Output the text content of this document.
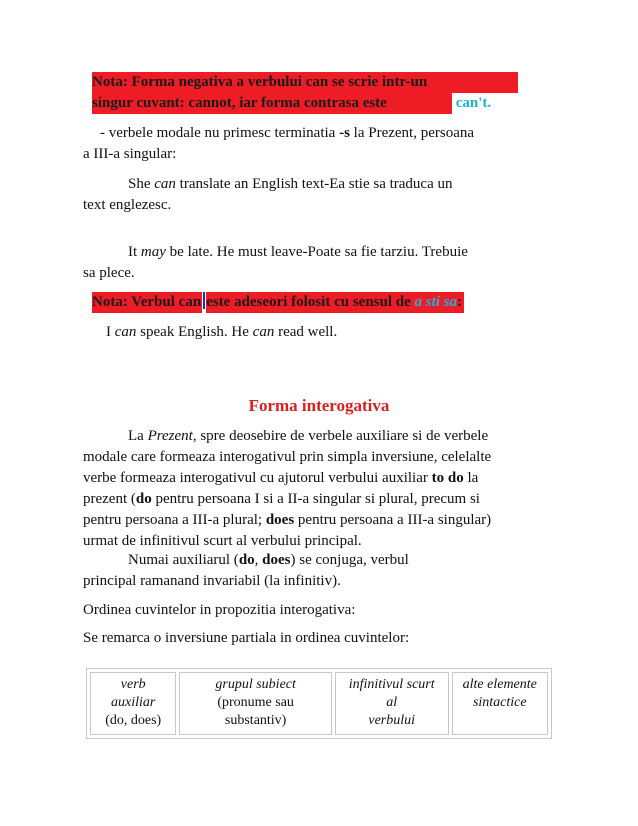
Nota: Forma negativa a verbului can se scrie intr-un
singur cuvant: cannot, iar forma contrasa este	can't.
- verbele modale nu primesc terminatia -s la Prezent, persoana
a III-a singular:
She can translate an English text-Ea stie sa traduca un
text englezesc.
It may be late. He must leave-Poate sa fie tarziu. Trebuie
sa plece.
Nota: Verbul can este adeseori folosit cu sensul de a sti sa:
I can speak English. He can read well.
Forma interogativa
La Prezent, spre deosebire de verbele auxiliare si de verbele
modale care formeaza interogativul prin simpla inversiune, celelalte
verbe formeaza interogativul cu ajutorul verbului auxiliar to do la
prezent (do pentru persoana I si a II-a singular si plural, precum si
pentru persoana a III-a plural; does pentru persoana a III-a singular)
urmat de infinitivul scurt al verbului principal.
Numai auxiliarul (do, does) se conjuga, verbul
principal ramanand invariabil (la infinitiv).
Ordinea cuvintelor in propozitia interogativa:
Se remarca o inversiune partiala in ordinea cuvintelor:
verb
auxiliar
(do, does)

grupul subiect
(pronume sau
substantiv)

infinitivul scurt
al
verbului

alte elemente
sintactice
